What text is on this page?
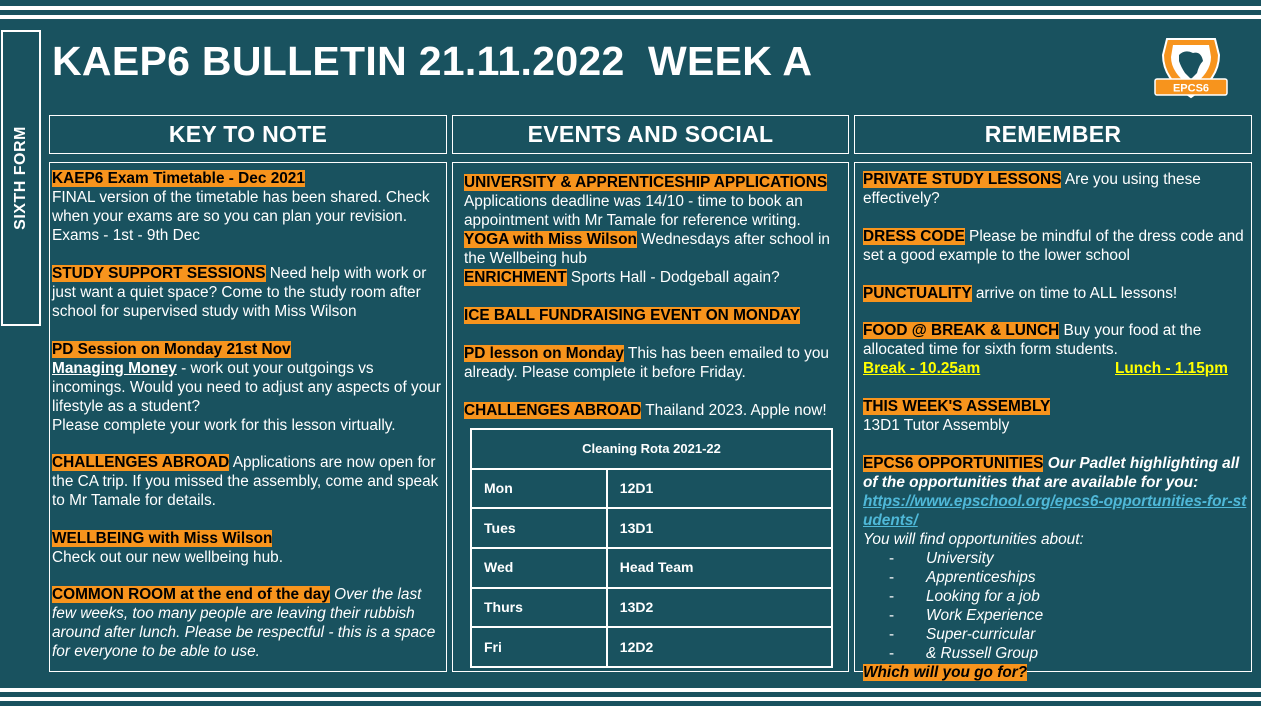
SIXTH FORM
KAEP6 BULLETIN 21.11.2022  WEEK A
EPCS6
KEY TO NOTE	EVENTS AND SOCIAL	REMEMBER
KAEP6 Exam Timetable - Dec 2021
FINAL version of the timetable has been shared. Check when your exams are so you can plan your revision. Exams - 1st - 9th Dec
STUDY SUPPORT SESSIONS Need help with work or just want a quiet space? Come to the study room after school for supervised study with Miss Wilson
PD Session on Monday 21st Nov
Managing Money - work out your outgoings vs incomings. Would you need to adjust any aspects of your lifestyle as a student?
Please complete your work for this lesson virtually.
CHALLENGES ABROAD Applications are now open for the CA trip. If you missed the assembly, come and speak to Mr Tamale for details.
WELLBEING with Miss Wilson
Check out our new wellbeing hub.
COMMON ROOM at the end of the day Over the last few weeks, too many people are leaving their rubbish around after lunch. Please be respectful - this is a space for everyone to be able to use.
UNIVERSITY & APPRENTICESHIP APPLICATIONS
Applications deadline was 14/10 - time to book an appointment with Mr Tamale for reference writing.
YOGA with Miss Wilson Wednesdays after school in the Wellbeing hub
ENRICHMENT Sports Hall - Dodgeball again?
ICE BALL FUNDRAISING EVENT ON MONDAY
PD lesson on Monday This has been emailed to you already. Please complete it before Friday.
CHALLENGES ABROAD Thailand 2023. Apple now!
Cleaning Rota 2021-22	
Mon	12D1
Tues	13D1
Wed	Head Team
Thurs	13D2
Fri	12D2
PRIVATE STUDY LESSONS Are you using these effectively?
DRESS CODE Please be mindful of the dress code and set a good example to the lower school
PUNCTUALITY arrive on time to ALL lessons!
FOOD @ BREAK & LUNCH Buy your food at the allocated time for sixth form students.
Break - 10.25am	Lunch - 1.15pm
THIS WEEK'S ASSEMBLY
13D1 Tutor Assembly
EPCS6 OPPORTUNITIES Our Padlet highlighting all of the opportunities that are available for you:
https://www.epschool.org/epcs6-opportunities-for-students/
You will find opportunities about:
- University
- Apprenticeships
- Looking for a job
- Work Experience
- Super-curricular
- & Russell Group
Which will you go for?
